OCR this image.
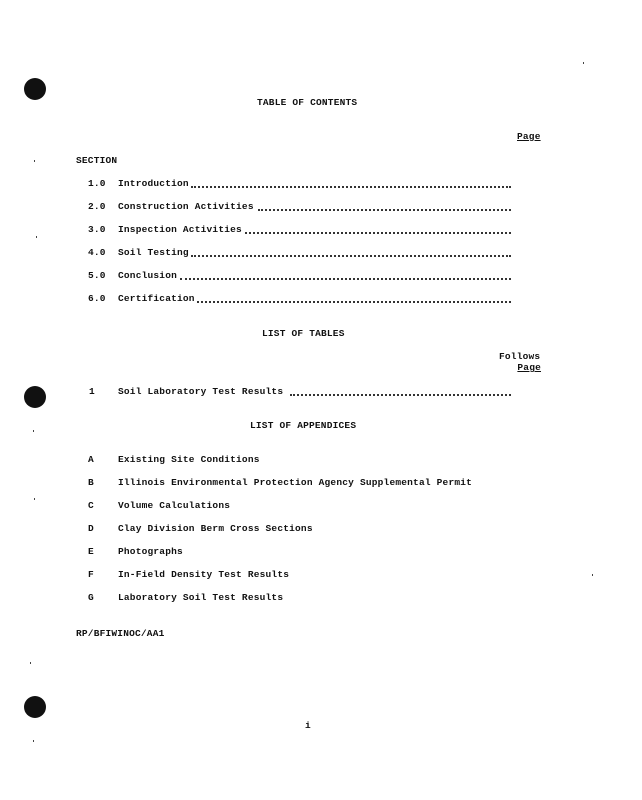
TABLE OF CONTENTS
Page
SECTION
1.0 Introduction
2.0 Construction Activities
3.0 Inspection Activities
4.0 Soil Testing
5.0 Conclusion
6.0 Certification
LIST OF TABLES
Follows
Page
1 Soil Laboratory Test Results
LIST OF APPENDICES
A	Existing Site Conditions
B	Illinois Environmental Protection Agency Supplemental Permit
C	Volume Calculations
D	Clay Division Berm Cross Sections
E	Photographs
F	In-Field Density Test Results
G	Laboratory Soil Test Results
RP/BFIWINOC/AA1
i
